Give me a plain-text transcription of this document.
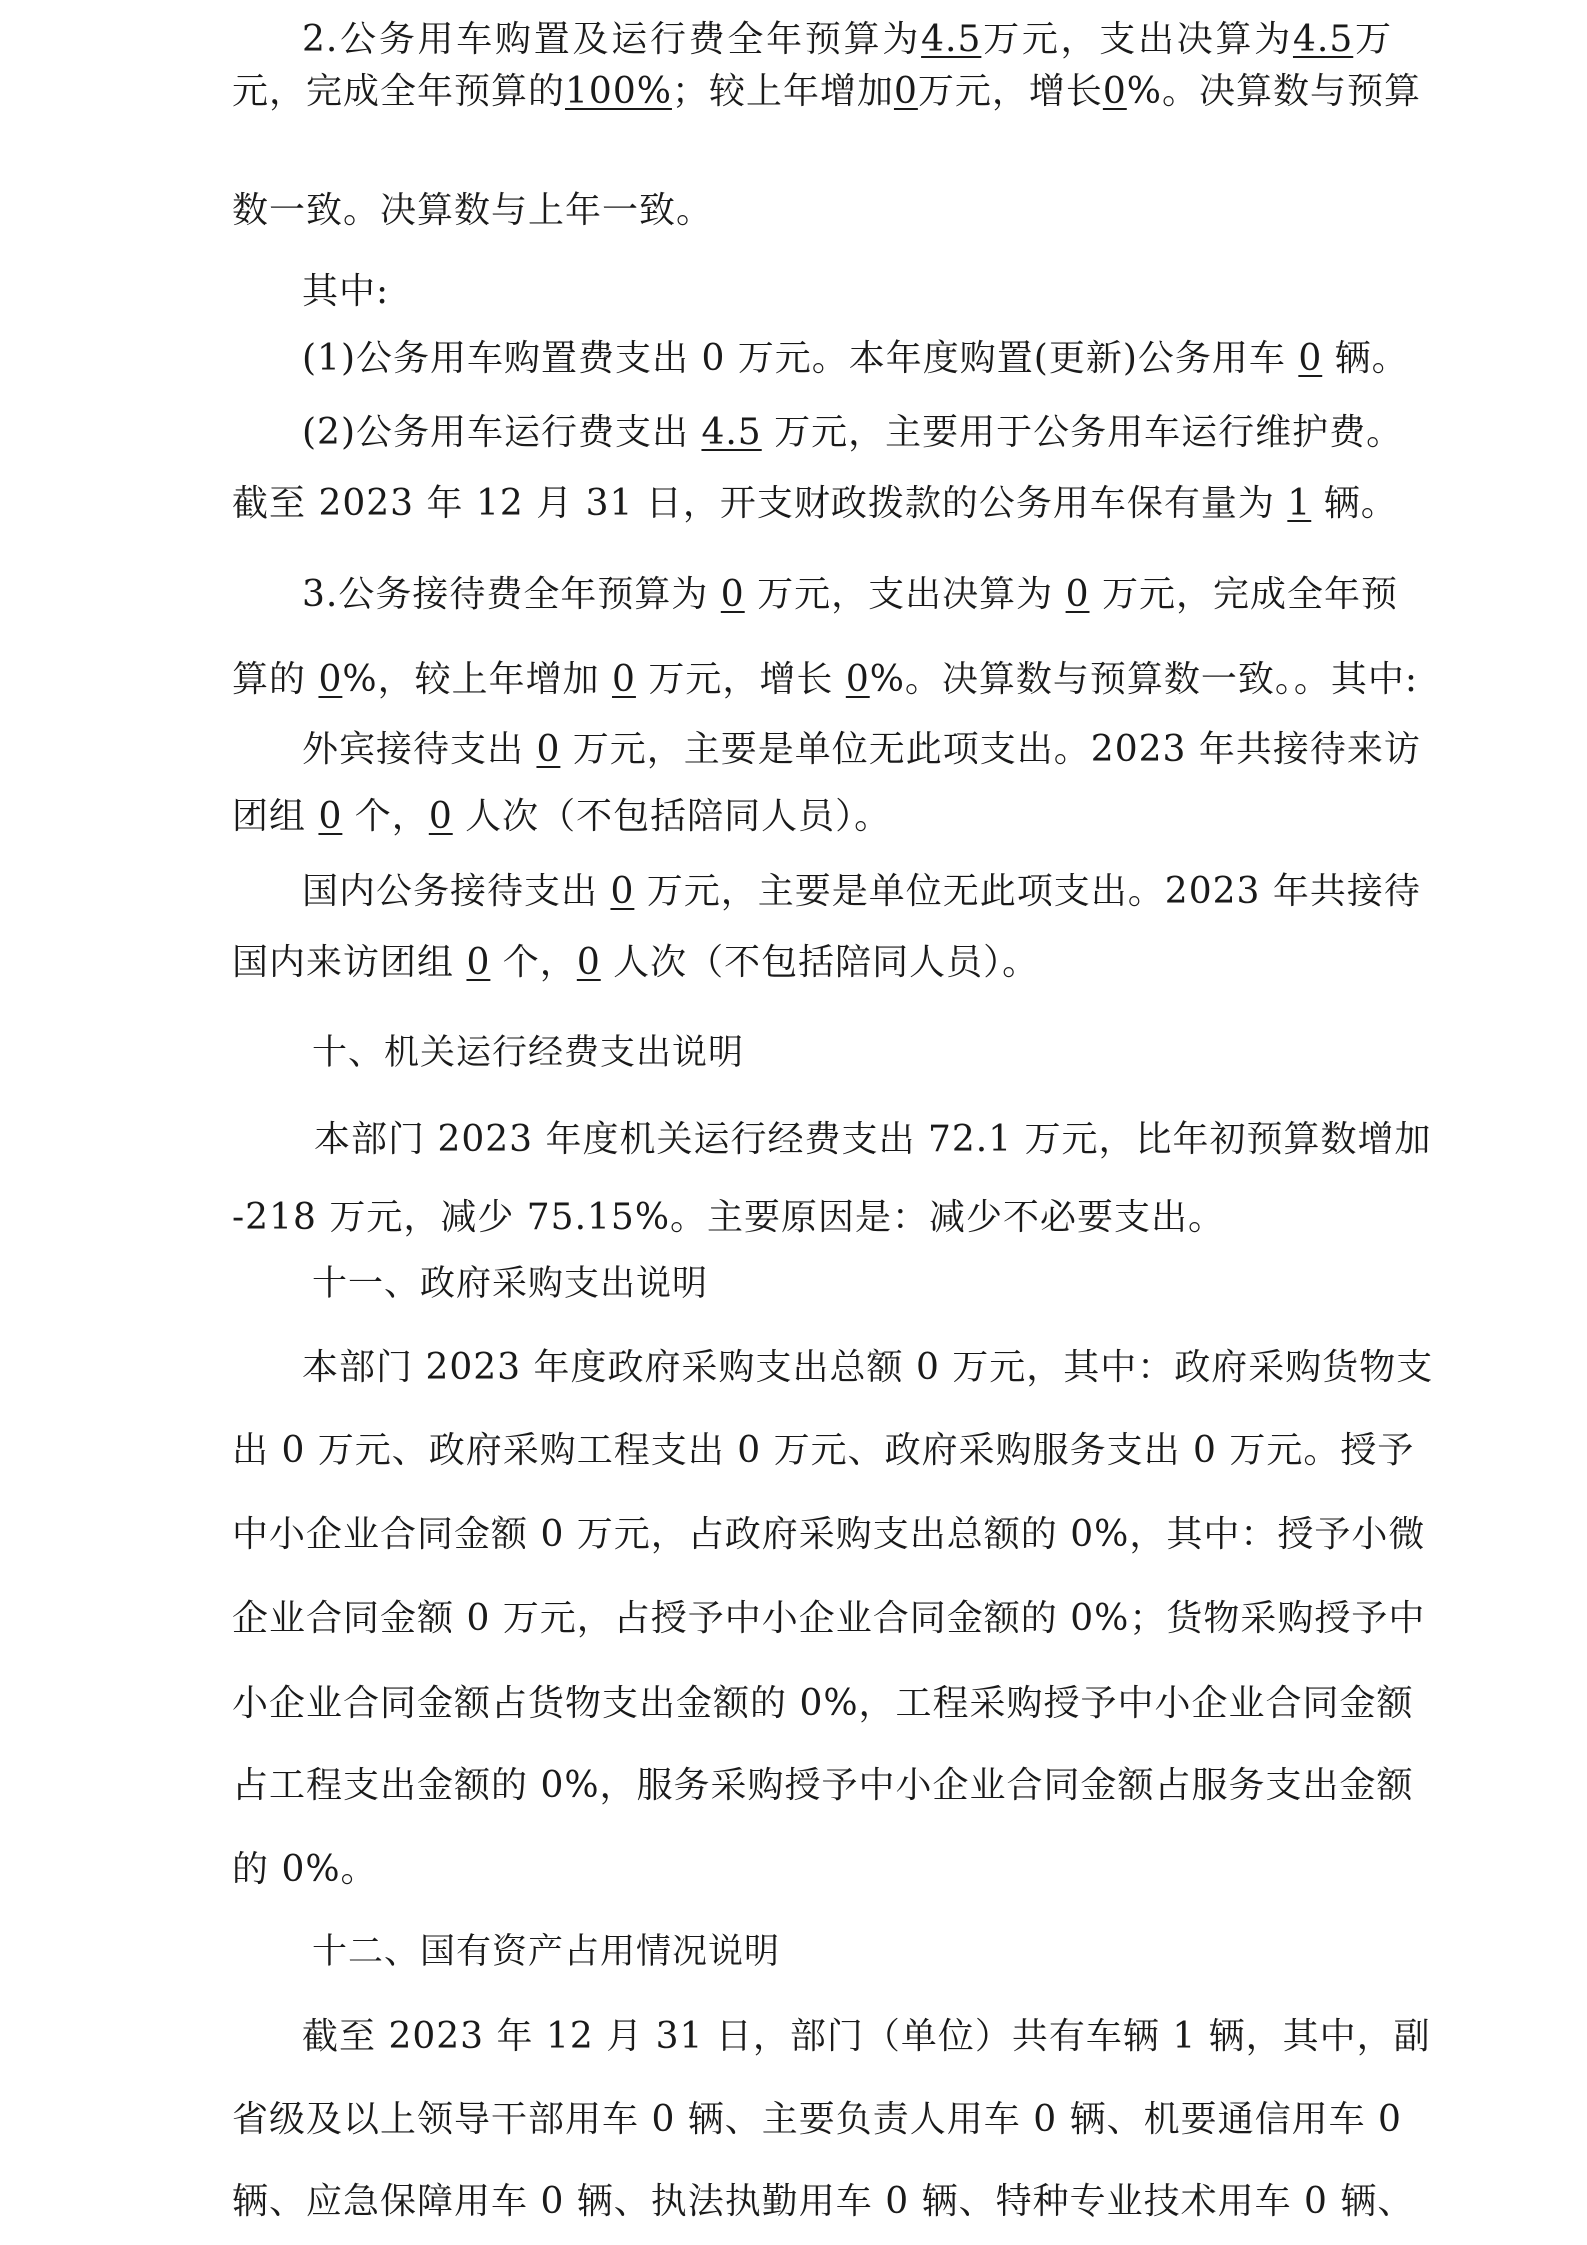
2.公务用车购置及运行费全年预算为4.5万元，支出决算为4.5万
元，完成全年预算的100%；较上年增加0万元，增长0%。决算数与预算
数一致。决算数与上年一致。
其中:
(1)公务用车购置费支出 0 万元。本年度购置(更新)公务用车 0 辆。
(2)公务用车运行费支出 4.5 万元，主要用于公务用车运行维护费。
截至 2023 年 12 月 31 日，开支财政拨款的公务用车保有量为 1 辆。
3.公务接待费全年预算为 0 万元，支出决算为 0 万元，完成全年预
算的 0%，较上年增加 0 万元，增长 0%。决算数与预算数一致。。其中:
外宾接待支出 0 万元，主要是单位无此项支出。2023 年共接待来访
团组 0 个，0 人次（不包括陪同人员）。
国内公务接待支出 0 万元，主要是单位无此项支出。2023 年共接待
国内来访团组 0 个，0 人次（不包括陪同人员）。
十、机关运行经费支出说明
本部门 2023 年度机关运行经费支出 72.1 万元，比年初预算数增加
-218 万元，减少 75.15%。主要原因是：减少不必要支出。
十一、政府采购支出说明
本部门 2023 年度政府采购支出总额 0 万元，其中：政府采购货物支
出 0 万元、政府采购工程支出 0 万元、政府采购服务支出 0 万元。授予
中小企业合同金额 0 万元，占政府采购支出总额的 0%，其中：授予小微
企业合同金额 0 万元，占授予中小企业合同金额的 0%；货物采购授予中
小企业合同金额占货物支出金额的 0%，工程采购授予中小企业合同金额
占工程支出金额的 0%，服务采购授予中小企业合同金额占服务支出金额
的 0%。
十二、国有资产占用情况说明
截至 2023 年 12 月 31 日，部门（单位）共有车辆 1 辆，其中，副
省级及以上领导干部用车 0 辆、主要负责人用车 0 辆、机要通信用车 0
辆、应急保障用车 0 辆、执法执勤用车 0 辆、特种专业技术用车 0 辆、
